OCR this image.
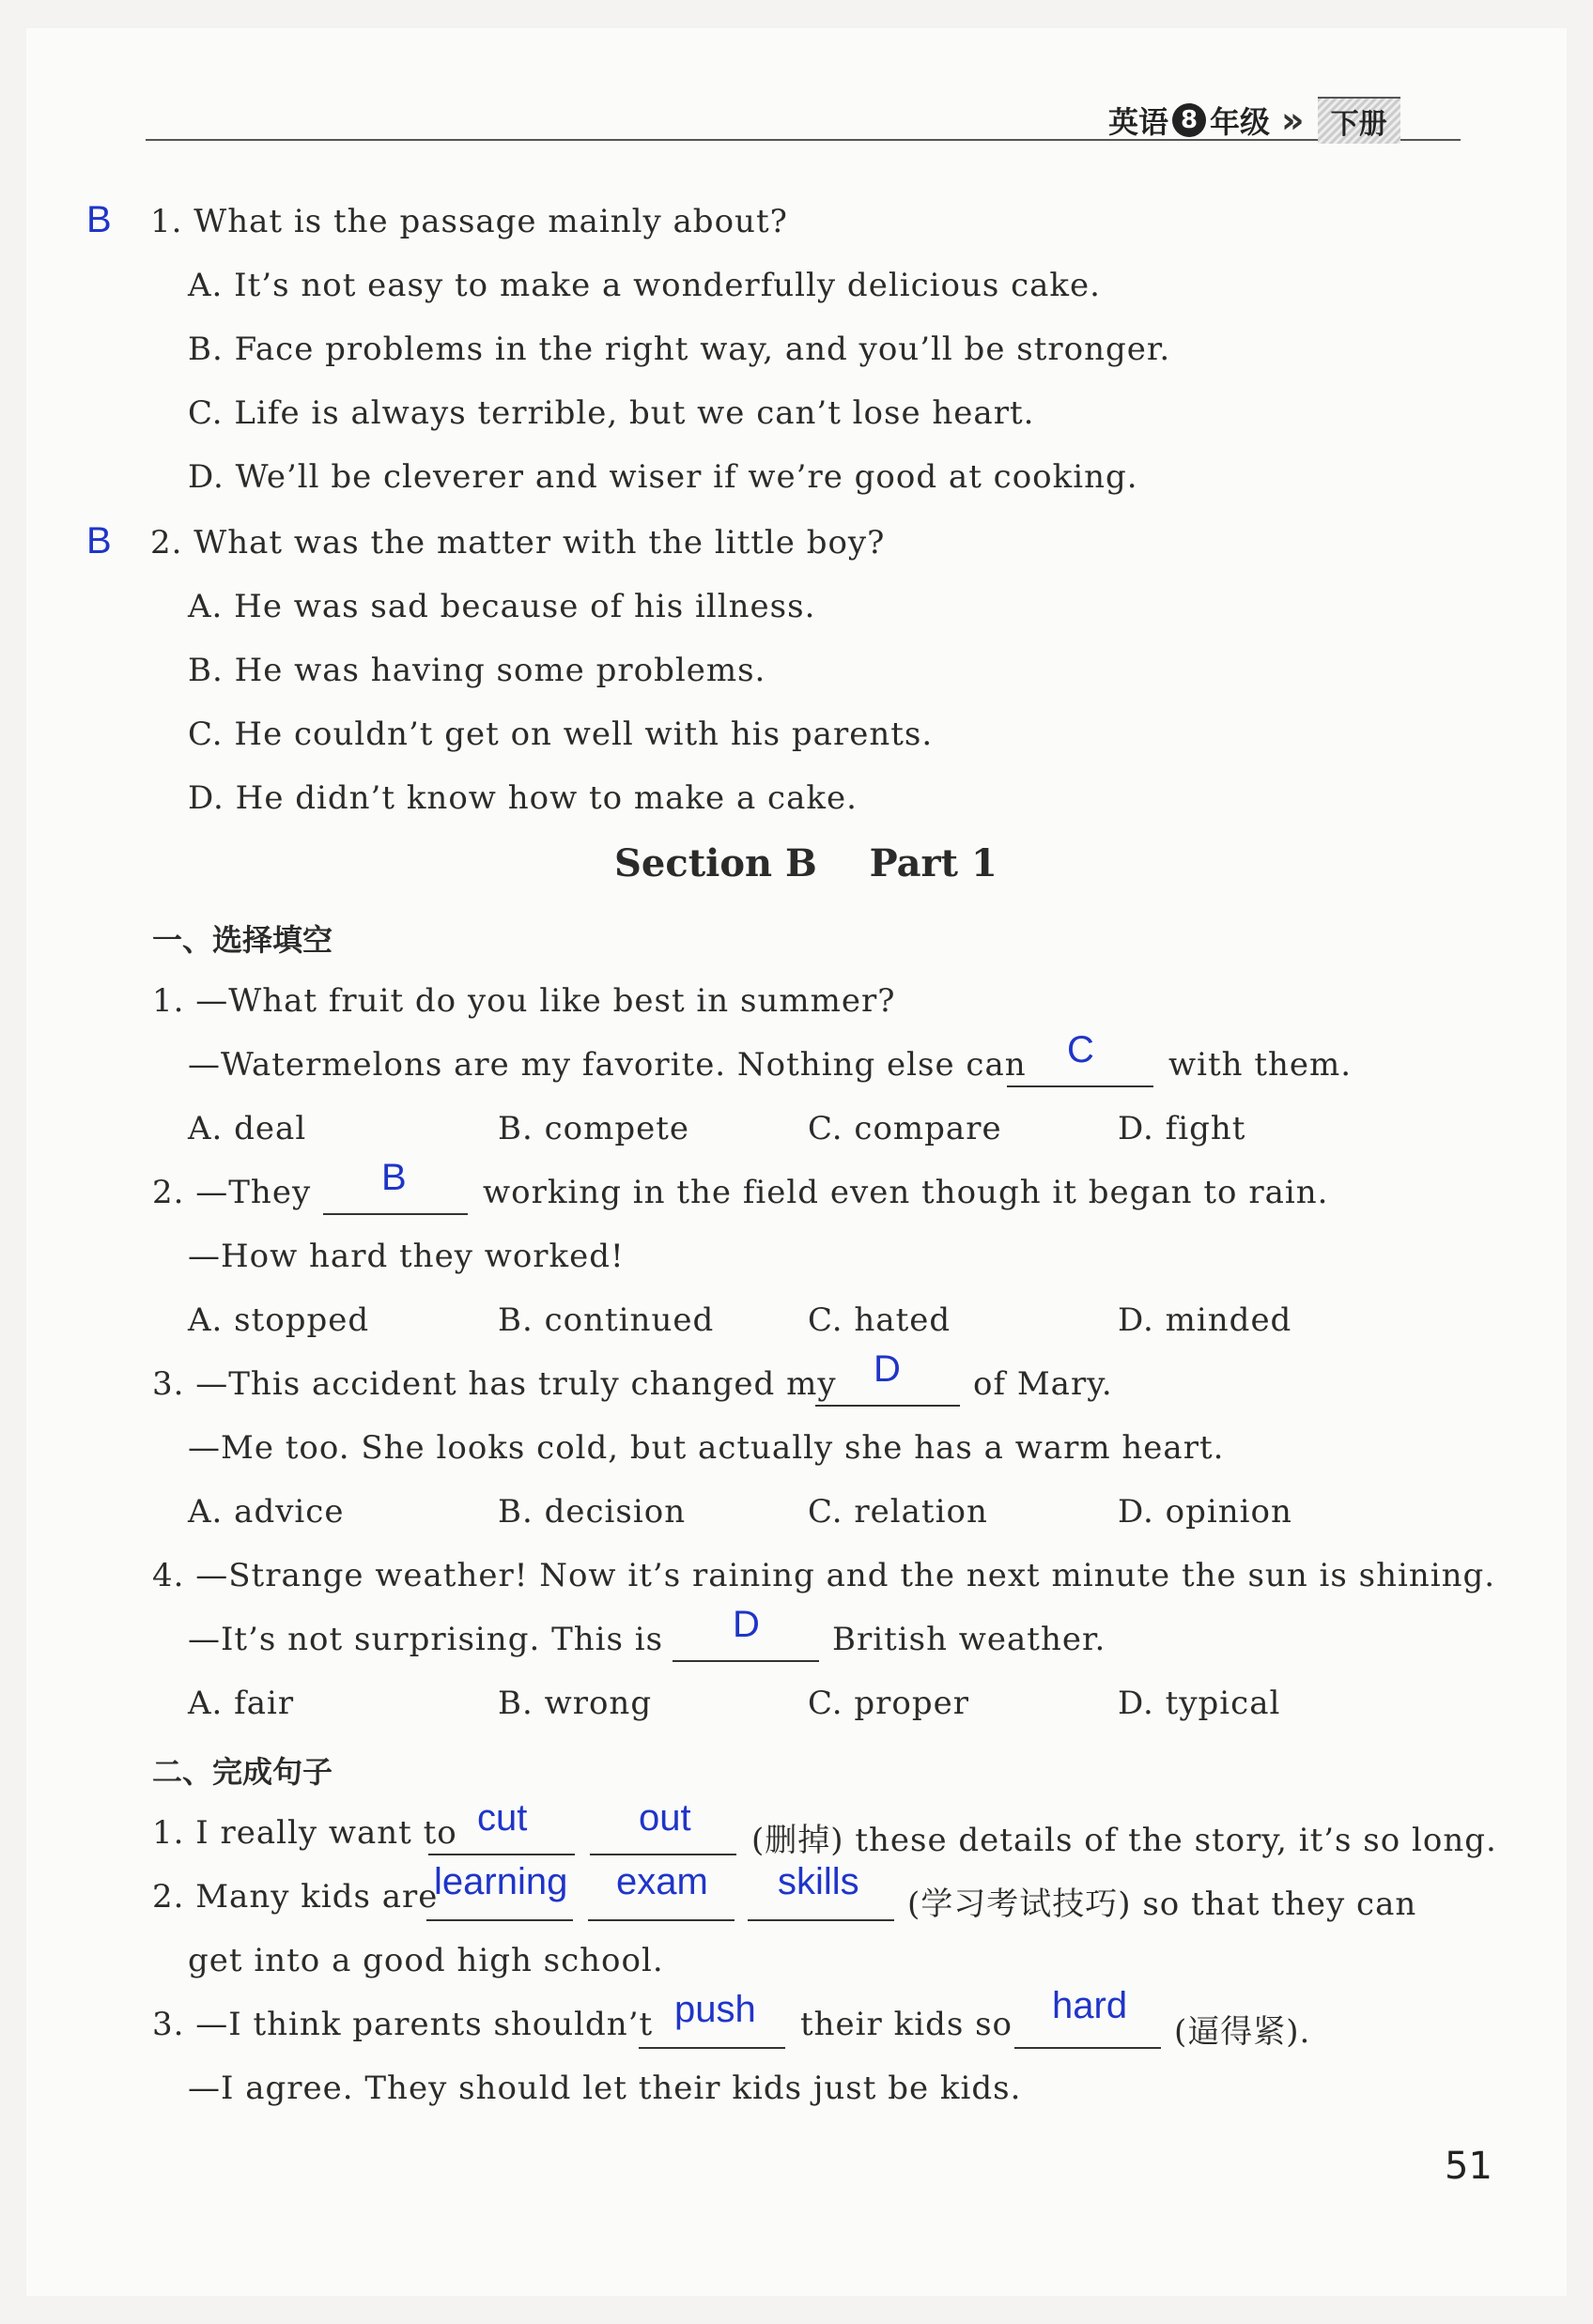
英语 8 年级 »	下册
B 1. What is the passage mainly about?
A. It’s not easy to make a wonderfully delicious cake.
B. Face problems in the right way, and you’ll be stronger.
C. Life is always terrible, but we can’t lose heart.
D. We’ll be cleverer and wiser if we’re good at cooking.
B 2. What was the matter with the little boy?
A. He was sad because of his illness.
B. He was having some problems.
C. He couldn’t get on well with his parents.
D. He didn’t know how to make a cake.
Section B    Part 1
一、选择填空
1. —What fruit do you like best in summer?
—Watermelons are my favorite. Nothing else can C with them.
A. deal	B. compete	C. compare	D. fight
2. —They B working in the field even though it began to rain.
—How hard they worked!
A. stopped	B. continued	C. hated	D. minded
3. —This accident has truly changed my D of Mary.
—Me too. She looks cold, but actually she has a warm heart.
A. advice	B. decision	C. relation	D. opinion
4. —Strange weather! Now it’s raining and the next minute the sun is shining.
—It’s not surprising. This is D British weather.
A. fair	B. wrong	C. proper	D. typical
二、完成句子
1. I really want to cut	out
(删掉) these details of the story, it’s so long.
2. Many kids are
learning exam skills
(学习考试技巧) so that they can
get into a good high school.
3. —I think parents shouldn’t push their kids so hard
(逼得紧).
—I agree. They should let their kids just be kids.
51
